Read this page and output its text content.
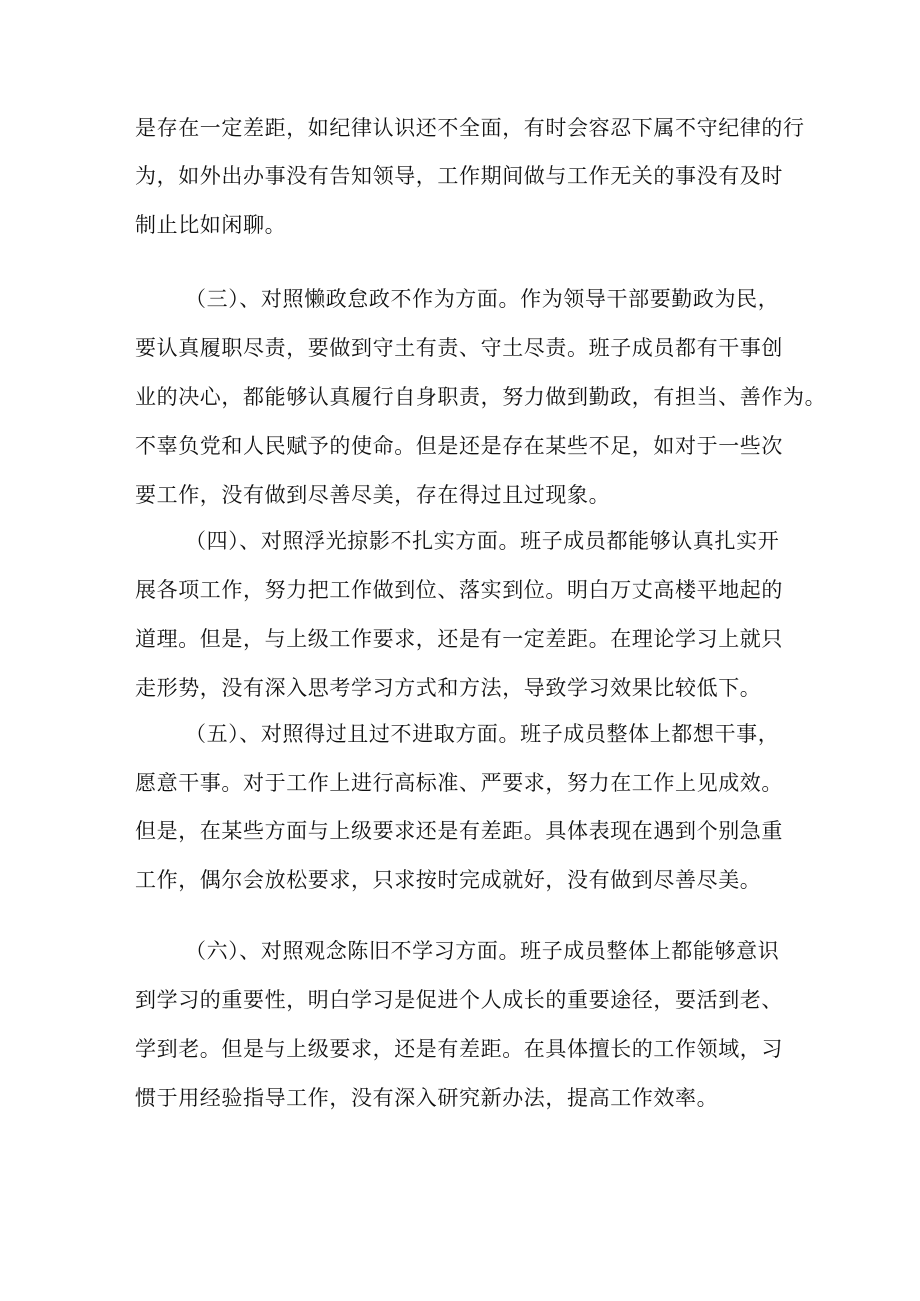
是存在一定差距，如纪律认识还不全面，有时会容忍下属不守纪律的行
为，如外出办事没有告知领导，工作期间做与工作无关的事没有及时
制止比如闲聊。
（三）、对照懒政怠政不作为方面。作为领导干部要勤政为民，
要认真履职尽责，要做到守土有责、守土尽责。班子成员都有干事创
业的决心，都能够认真履行自身职责，努力做到勤政，有担当、善作为。
不辜负党和人民赋予的使命。但是还是存在某些不足，如对于一些次
要工作，没有做到尽善尽美，存在得过且过现象。
（四）、对照浮光掠影不扎实方面。班子成员都能够认真扎实开
展各项工作，努力把工作做到位、落实到位。明白万丈高楼平地起的
道理。但是，与上级工作要求，还是有一定差距。在理论学习上就只
走形势，没有深入思考学习方式和方法，导致学习效果比较低下。
（五）、对照得过且过不进取方面。班子成员整体上都想干事，
愿意干事。对于工作上进行高标准、严要求，努力在工作上见成效。
但是，在某些方面与上级要求还是有差距。具体表现在遇到个别急重
工作，偶尔会放松要求，只求按时完成就好，没有做到尽善尽美。
（六）、对照观念陈旧不学习方面。班子成员整体上都能够意识
到学习的重要性，明白学习是促进个人成长的重要途径，要活到老、
学到老。但是与上级要求，还是有差距。在具体擅长的工作领域，习
惯于用经验指导工作，没有深入研究新办法，提高工作效率。
